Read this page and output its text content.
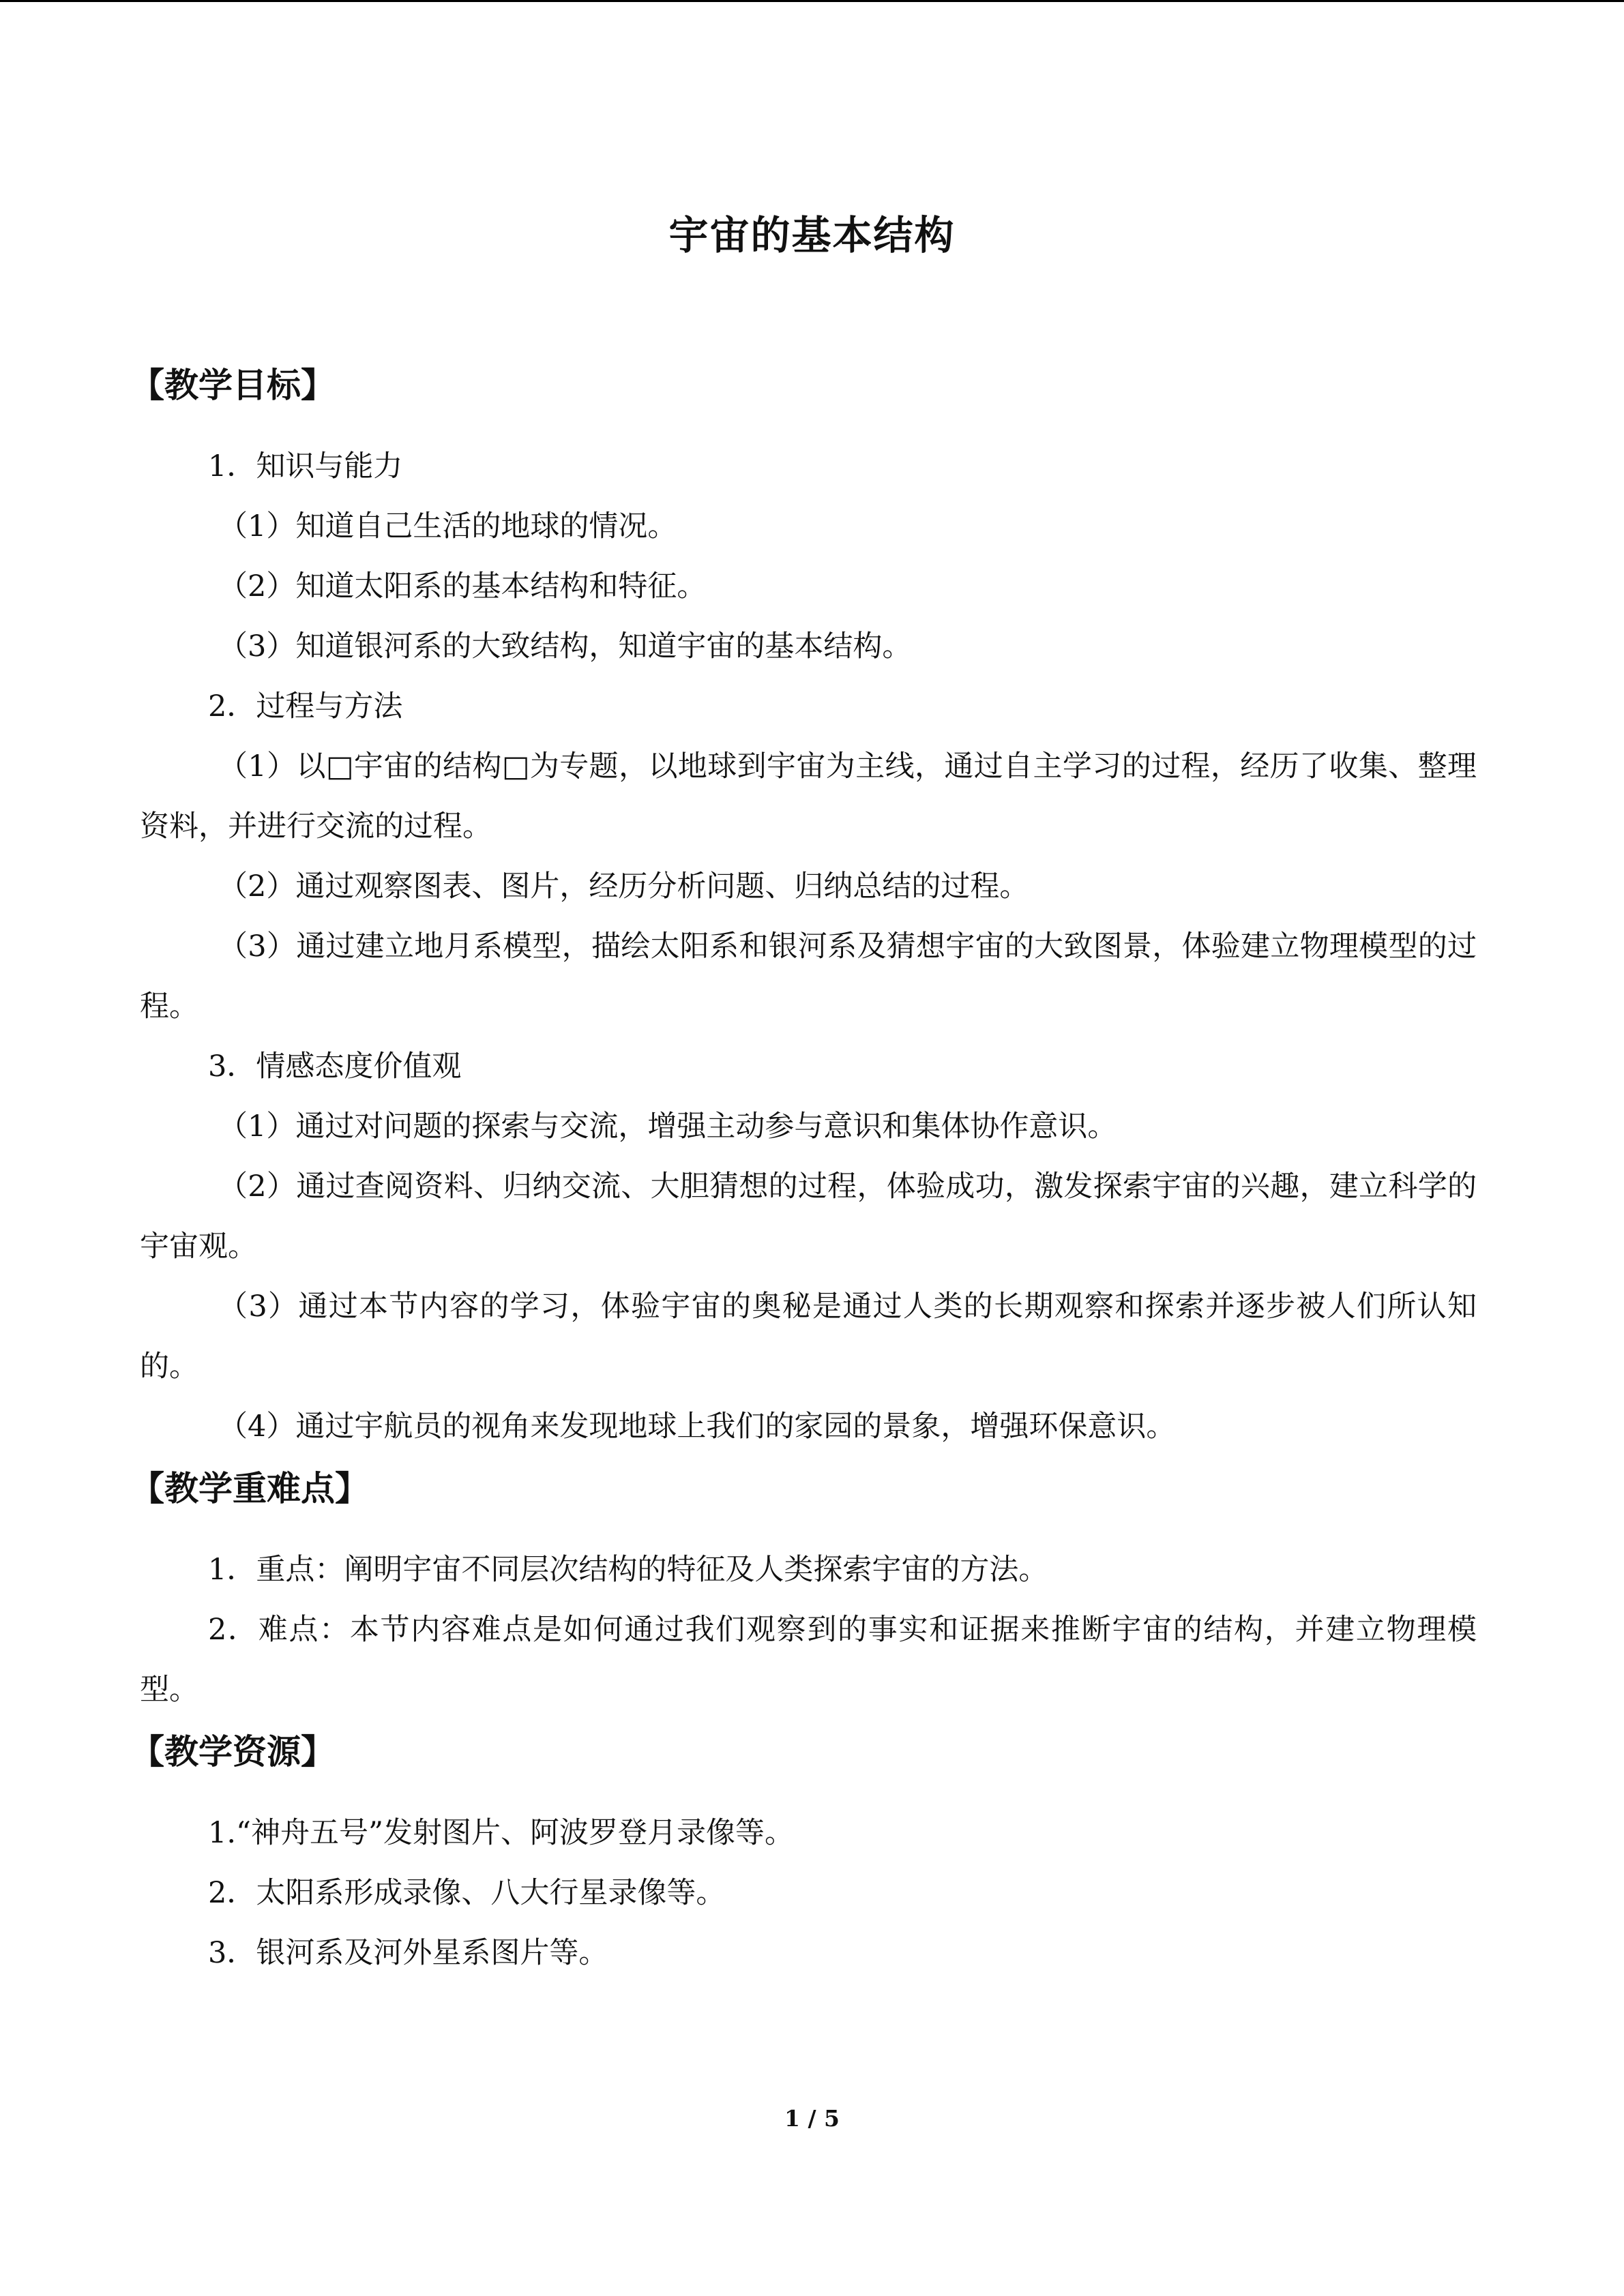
宇宙的基本结构
【教学目标】

1．知识与能力

（1）知道自己生活的地球的情况。

（2）知道太阳系的基本结构和特征。

（3）知道银河系的大致结构，知道宇宙的基本结构。

2．过程与方法

（1）以□宇宙的结构□为专题，以地球到宇宙为主线，通过自主学习的过程，经历了收集、整理资料，并进行交流的过程。

（2）通过观察图表、图片，经历分析问题、归纳总结的过程。

（3）通过建立地月系模型，描绘太阳系和银河系及猜想宇宙的大致图景，体验建立物理模型的过程。

3．情感态度价值观

（1）通过对问题的探索与交流，增强主动参与意识和集体协作意识。

（2）通过查阅资料、归纳交流、大胆猜想的过程，体验成功，激发探索宇宙的兴趣，建立科学的宇宙观。

（3）通过本节内容的学习，体验宇宙的奥秘是通过人类的长期观察和探索并逐步被人们所认知的。

（4）通过宇航员的视角来发现地球上我们的家园的景象，增强环保意识。

【教学重难点】

1．重点：阐明宇宙不同层次结构的特征及人类探索宇宙的方法。

2．难点：本节内容难点是如何通过我们观察到的事实和证据来推断宇宙的结构，并建立物理模型。

【教学资源】

1.“神舟五号”发射图片、阿波罗登月录像等。

2．太阳系形成录像、八大行星录像等。

3．银河系及河外星系图片等。

1 / 5
